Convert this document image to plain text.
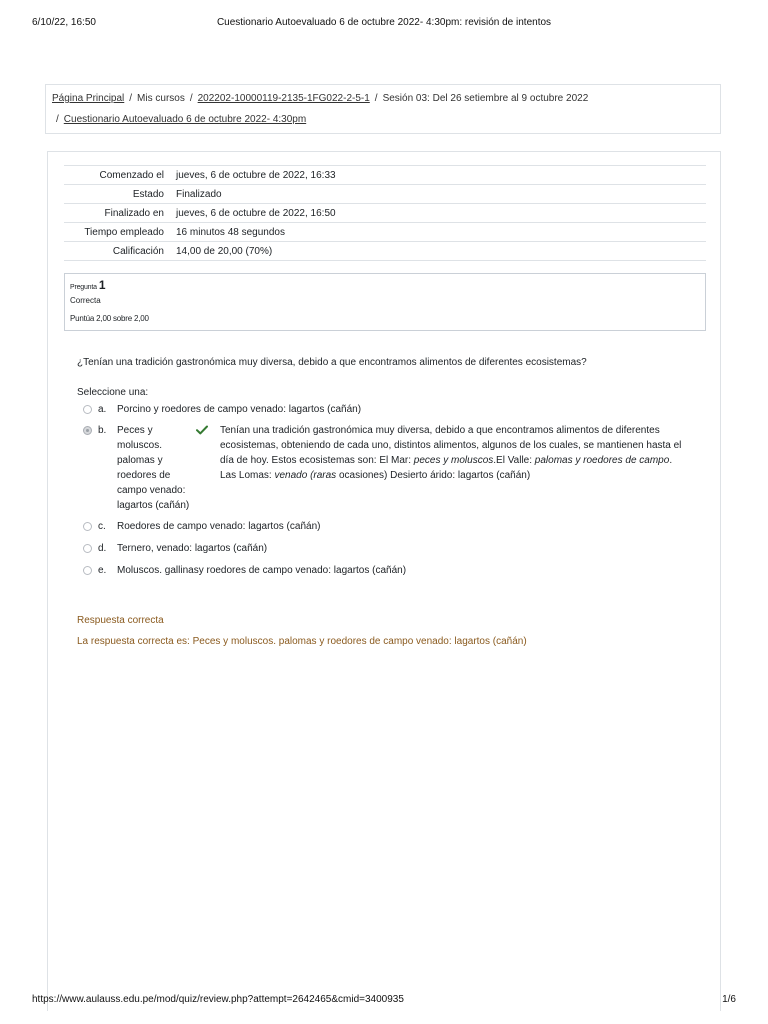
6/10/22, 16:50	Cuestionario Autoevaluado 6 de octubre 2022- 4:30pm: revisión de intentos
Página Principal / Mis cursos / 202202-10000119-2135-1FG022-2-5-1 / Sesión 03: Del 26 setiembre al 9 octubre 2022
/ Cuestionario Autoevaluado 6 de octubre 2022- 4:30pm
Comenzado el	jueves, 6 de octubre de 2022, 16:33
Estado	Finalizado
Finalizado en	jueves, 6 de octubre de 2022, 16:50
Tiempo empleado	16 minutos 48 segundos
Calificación	14,00 de 20,00 (70%)
Pregunta 1
Correcta
Puntúa 2,00 sobre 2,00
¿Tenían una tradición gastronómica muy diversa, debido a que encontramos alimentos de diferentes ecosistemas?
Seleccione una:
a. Porcino y roedores de campo venado: lagartos (cañán)
b. Peces y moluscos. palomas y roedores de campo venado: lagartos (cañán)
Tenían una tradición gastronómica muy diversa, debido a que encontramos alimentos de diferentes ecosistemas, obteniendo de cada uno, distintos alimentos, algunos de los cuales, se mantienen hasta el día de hoy. Estos ecosistemas son: El Mar: peces y moluscos.El Valle: palomas y roedores de campo. Las Lomas: venado (raras ocasiones) Desierto árido: lagartos (cañán)
c. Roedores de campo venado: lagartos (cañán)
d. Ternero, venado: lagartos (cañán)
e. Moluscos. gallinasy roedores de campo venado: lagartos (cañán)
Respuesta correcta
La respuesta correcta es: Peces y moluscos. palomas y roedores de campo venado: lagartos (cañán)
https://www.aulauss.edu.pe/mod/quiz/review.php?attempt=2642465&cmid=3400935	1/6
